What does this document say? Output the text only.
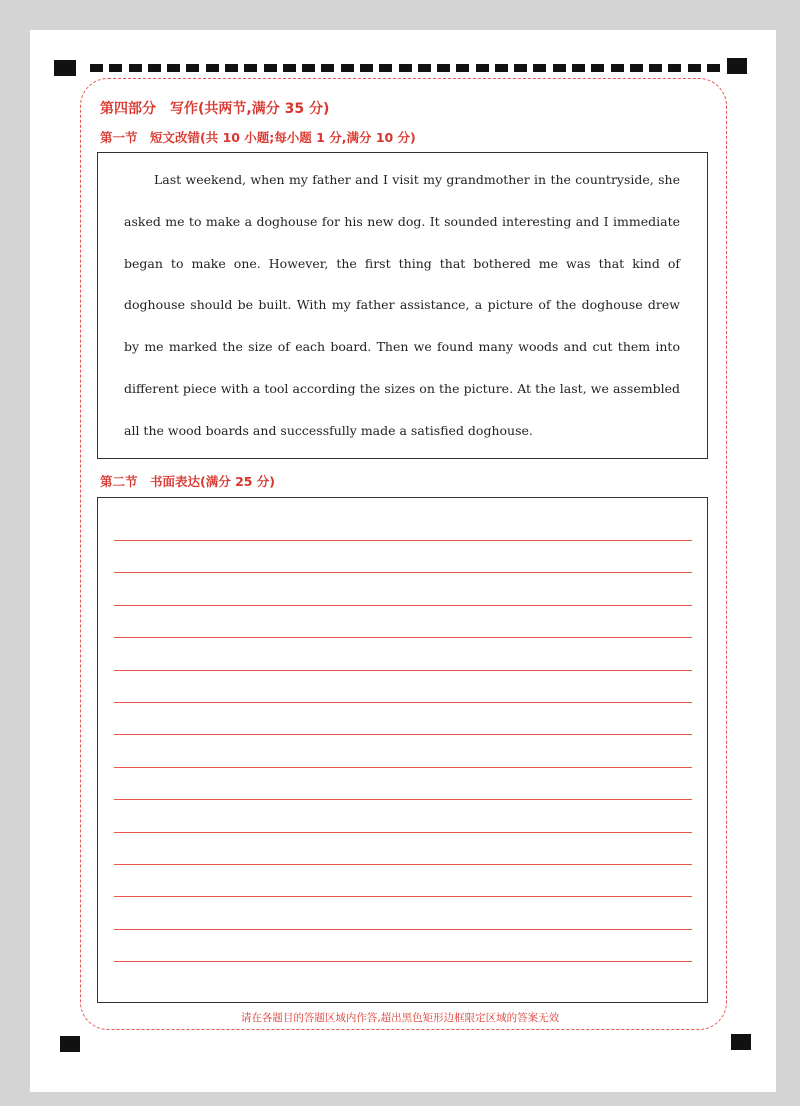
第四部分　写作(共两节,满分 35 分)
第一节　短文改错(共 10 小题;每小题 1 分,满分 10 分)
Last weekend, when my father and I visit my grandmother in the countryside, she asked me to make a doghouse for his new dog. It sounded interesting and I immediate began to make one. However, the first thing that bothered me was that kind of doghouse should be built. With my father assistance, a picture of the doghouse drew by me marked the size of each board. Then we found many woods and cut them into different piece with a tool according the sizes on the picture. At the last, we assembled all the wood boards and successfully made a satisfied doghouse.
第二节　书面表达(满分 25 分)
请在各题目的答题区域内作答,超出黑色矩形边框限定区域的答案无效
